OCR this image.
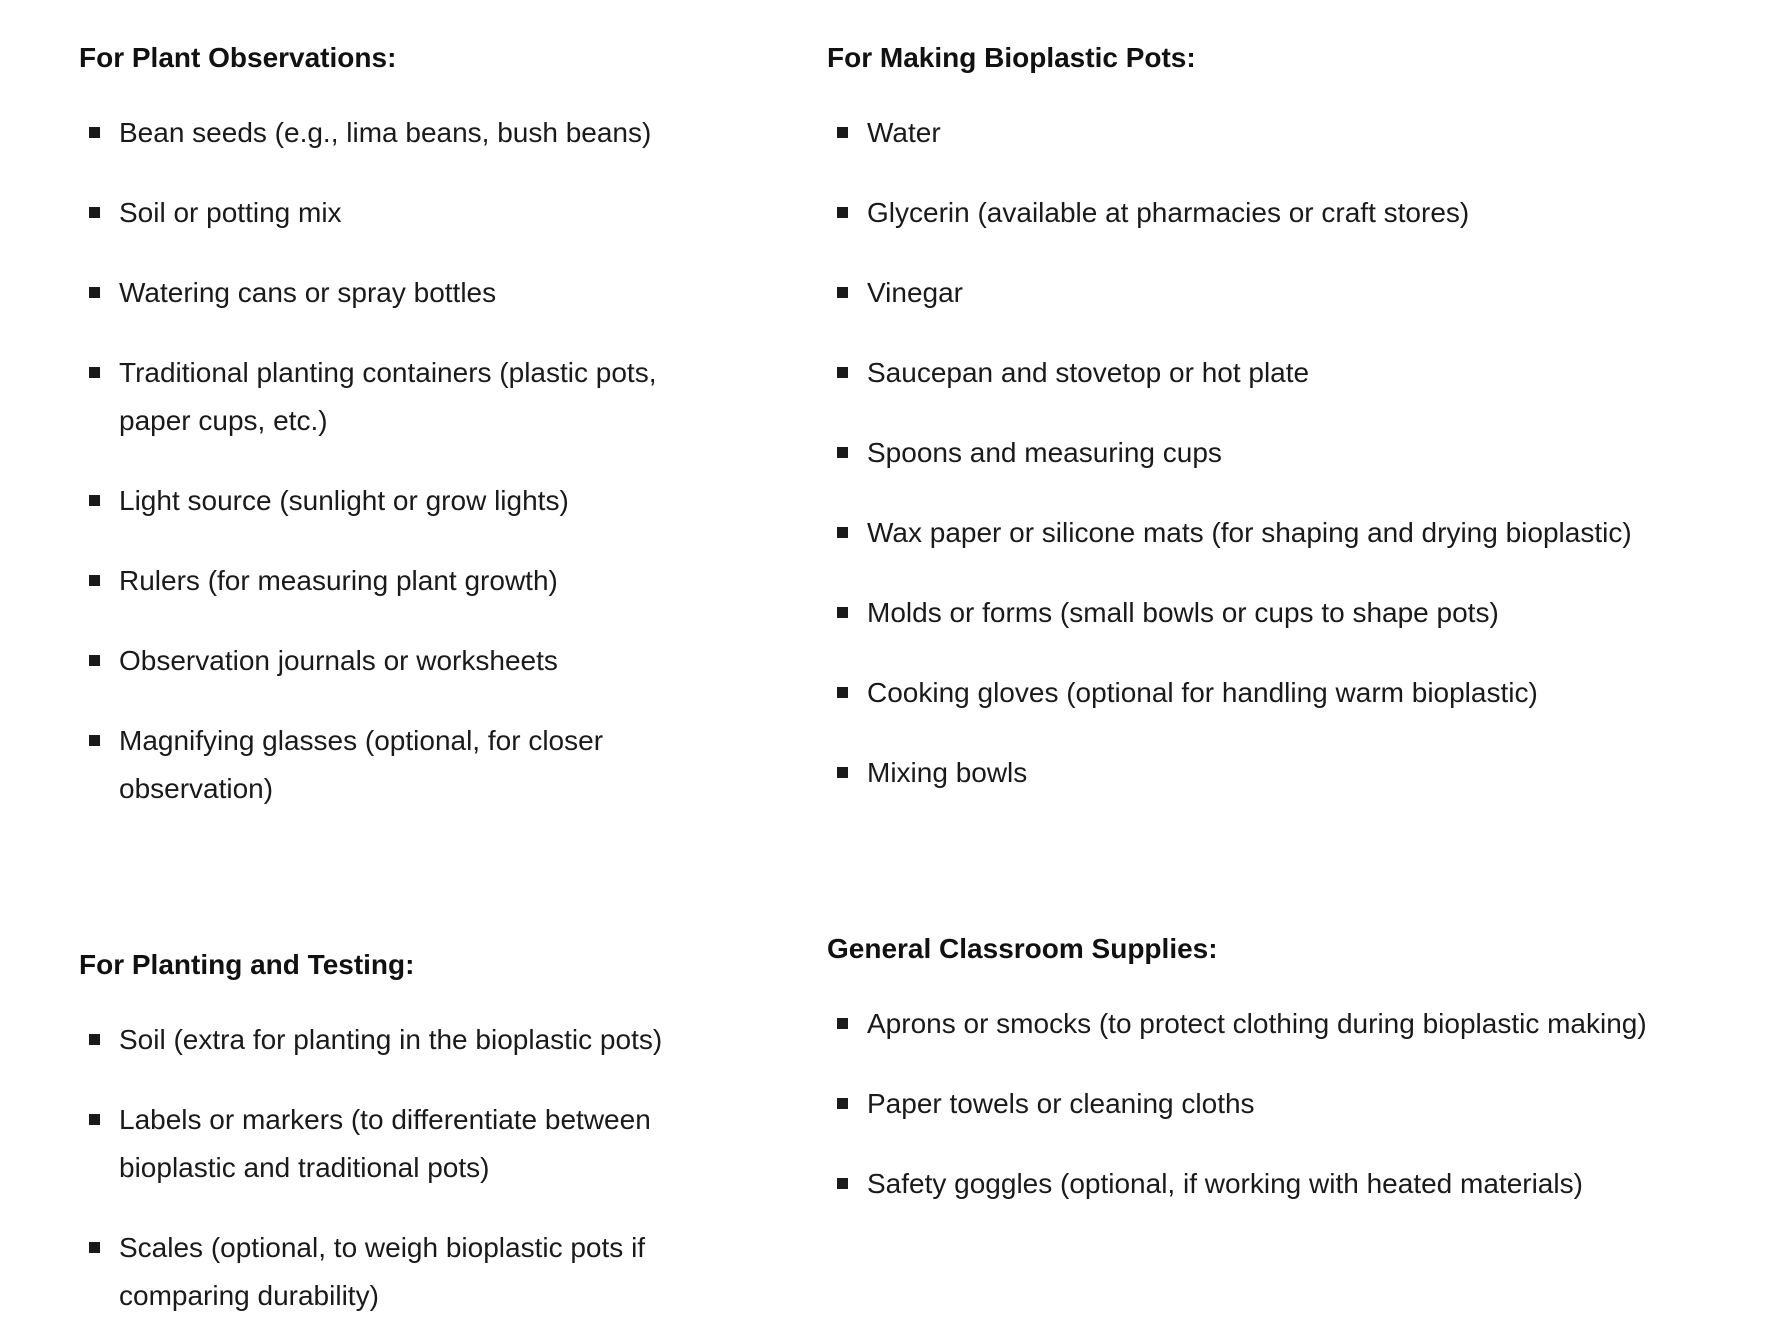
For Plant Observations:
Bean seeds (e.g., lima beans, bush beans)
Soil or potting mix
Watering cans or spray bottles
Traditional planting containers (plastic pots, paper cups, etc.)
Light source (sunlight or grow lights)
Rulers (for measuring plant growth)
Observation journals or worksheets
Magnifying glasses (optional, for closer observation)
For Making Bioplastic Pots:
Water
Glycerin (available at pharmacies or craft stores)
Vinegar
Saucepan and stovetop or hot plate
Spoons and measuring cups
Wax paper or silicone mats (for shaping and drying bioplastic)
Molds or forms (small bowls or cups to shape pots)
Cooking gloves (optional for handling warm bioplastic)
Mixing bowls
For Planting and Testing:
Soil (extra for planting in the bioplastic pots)
Labels or markers (to differentiate between bioplastic and traditional pots)
Scales (optional, to weigh bioplastic pots if comparing durability)
General Classroom Supplies:
Aprons or smocks (to protect clothing during bioplastic making)
Paper towels or cleaning cloths
Safety goggles (optional, if working with heated materials)
